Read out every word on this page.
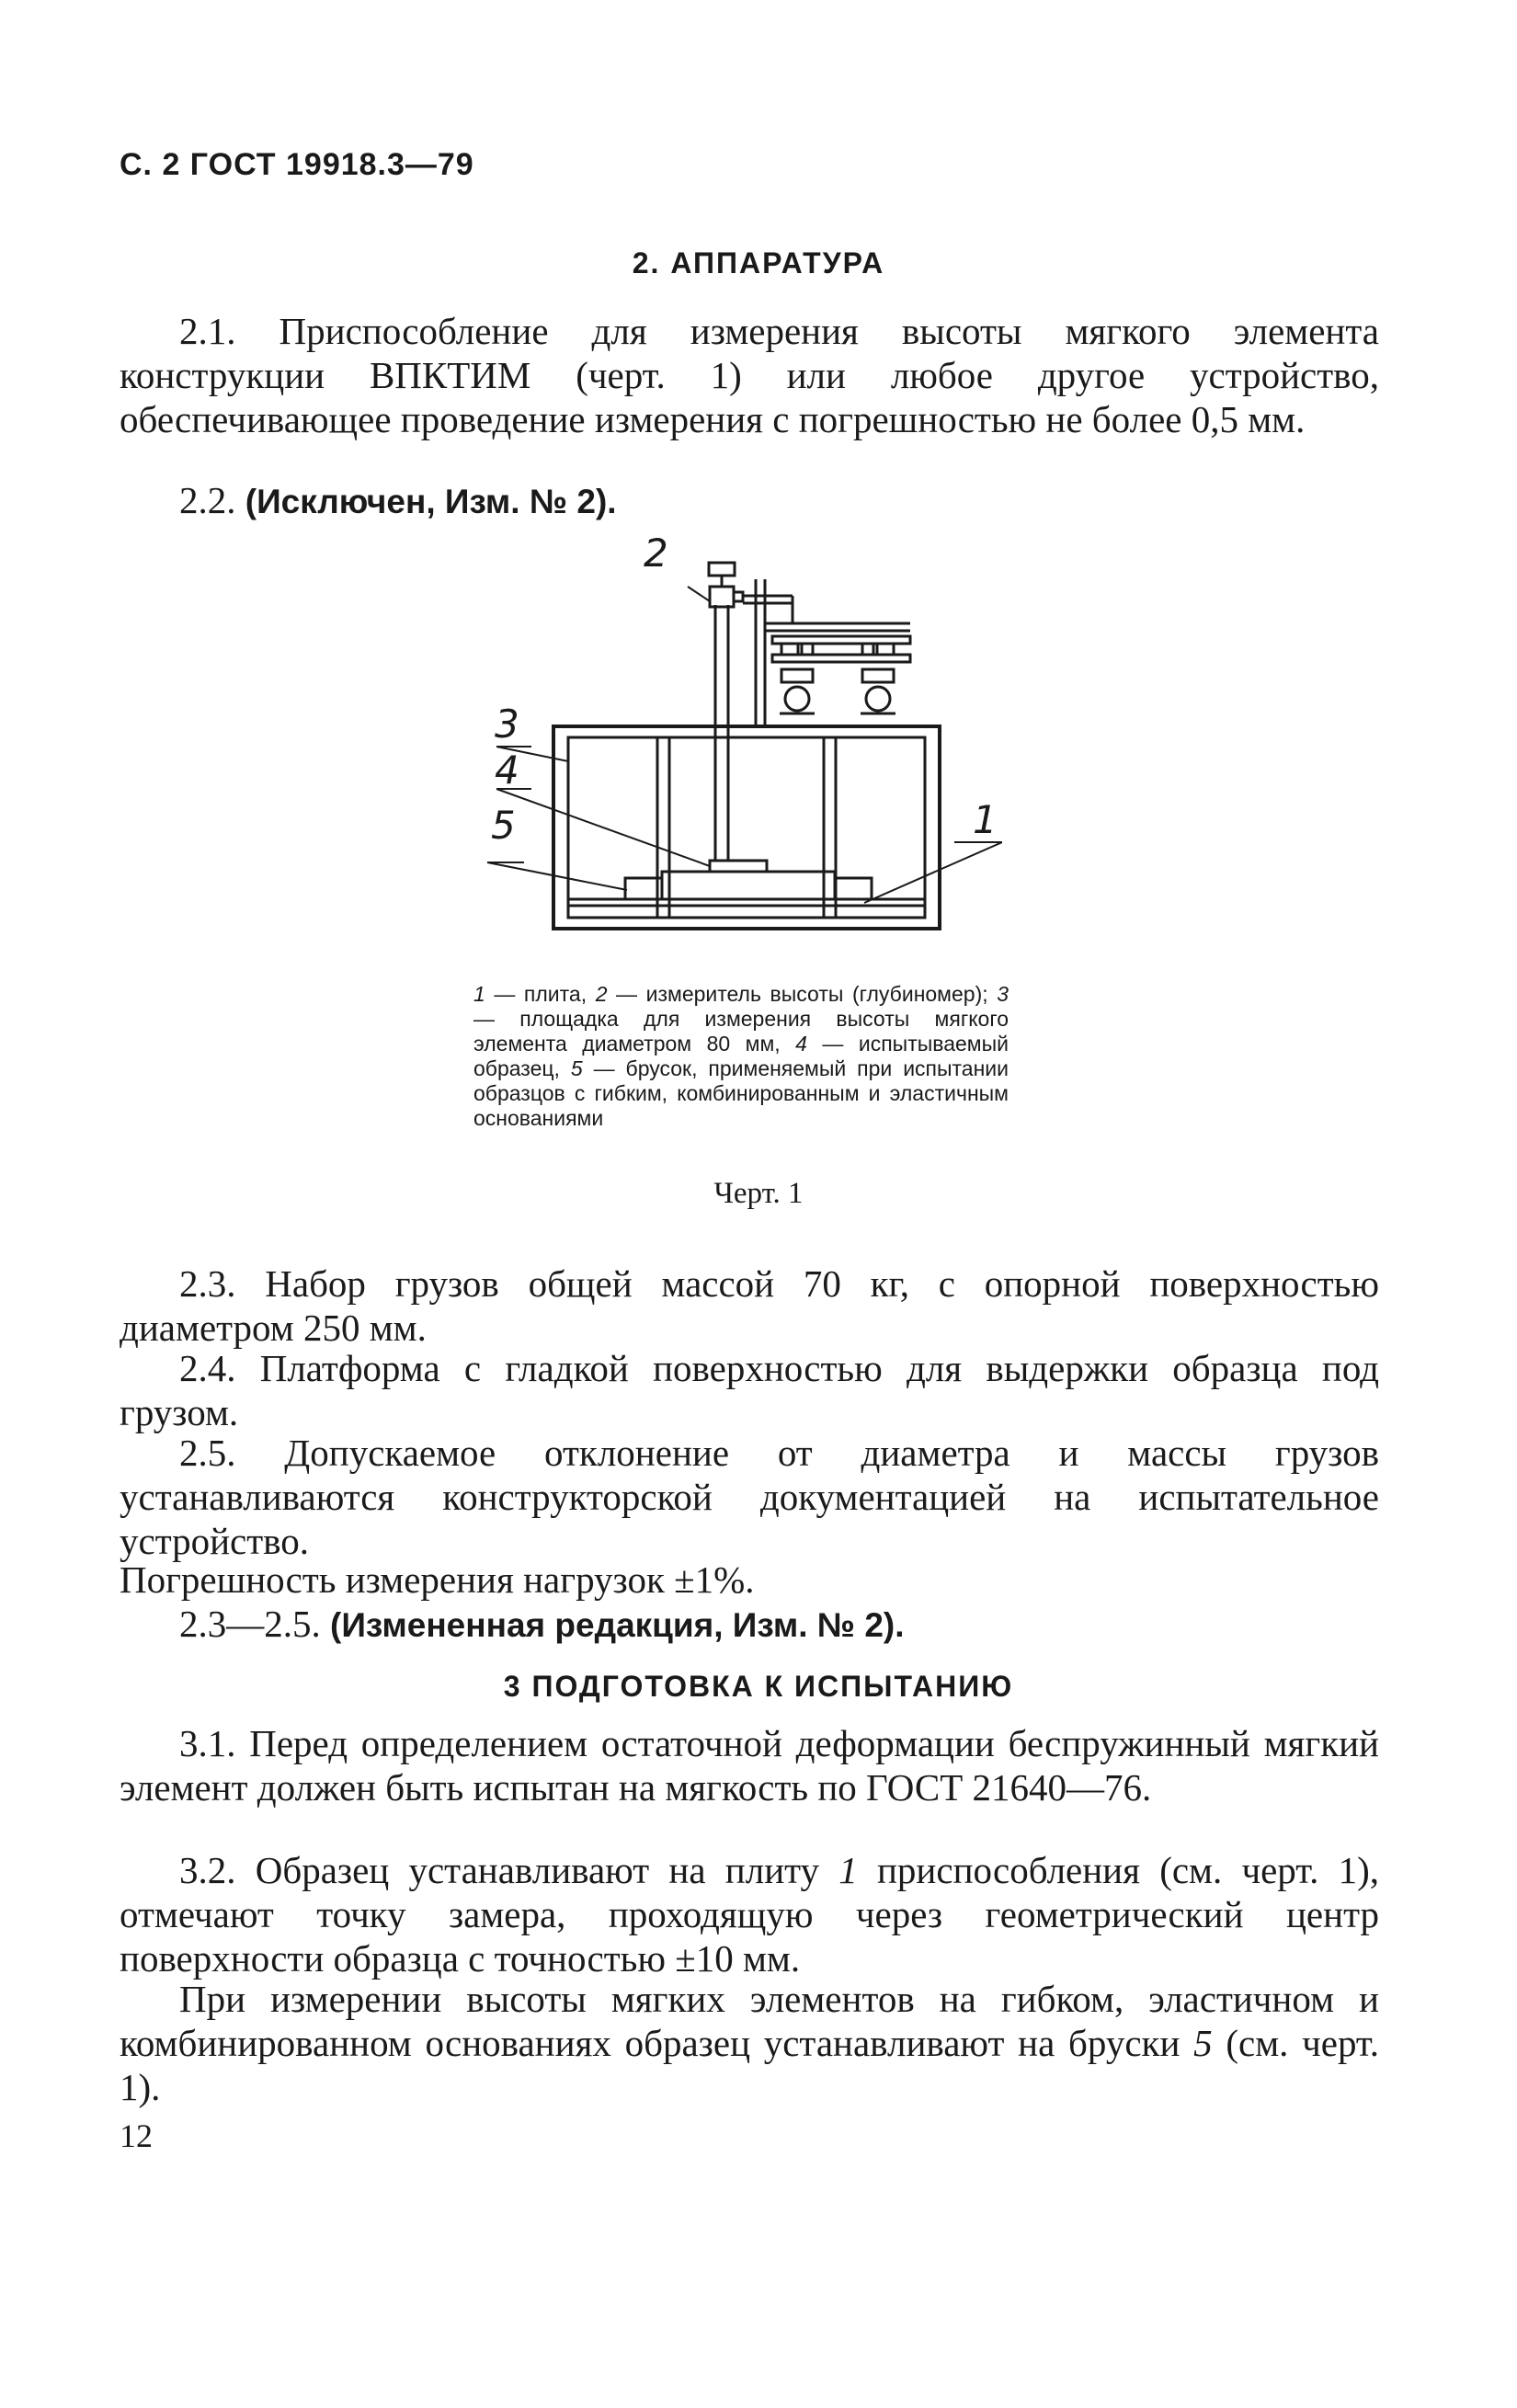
С. 2 ГОСТ 19918.3—79
2. АППАРАТУРА
2.1. Приспособление для измерения высоты мягкого элемента конструкции ВПКТИМ (черт. 1) или любое другое устройство, обеспечивающее проведение измерения с погрешностью не более 0,5 мм.
2.2. (Исключен, Изм. № 2).
2
3
4
5	1
1 — плита, 2 — измеритель высоты (глубиномер); 3 — площадка для измерения высоты мягкого элемента диаметром 80 мм, 4 — испытываемый образец, 5 — брусок, применяемый при испытании образцов с гибким, комбинированным и эластичным основаниями
Черт. 1
2.3. Набор грузов общей массой 70 кг, с опорной поверхностью диаметром 250 мм.
2.4. Платформа с гладкой поверхностью для выдержки образца под грузом.
2.5. Допускаемое отклонение от диаметра и массы грузов устанавливаются конструкторской документацией на испытательное устройство.
Погрешность измерения нагрузок ±1%.
2.3—2.5. (Измененная редакция, Изм. № 2).
3 ПОДГОТОВКА К ИСПЫТАНИЮ
3.1. Перед определением остаточной деформации беспружинный мягкий элемент должен быть испытан на мягкость по ГОСТ 21640—76.
3.2. Образец устанавливают на плиту 1 приспособления (см. черт. 1), отмечают точку замера, проходящую через геометрический центр поверхности образца с точностью ±10 мм.
При измерении высоты мягких элементов на гибком, эластичном и комбинированном основаниях образец устанавливают на бруски 5 (см. черт. 1).
12
